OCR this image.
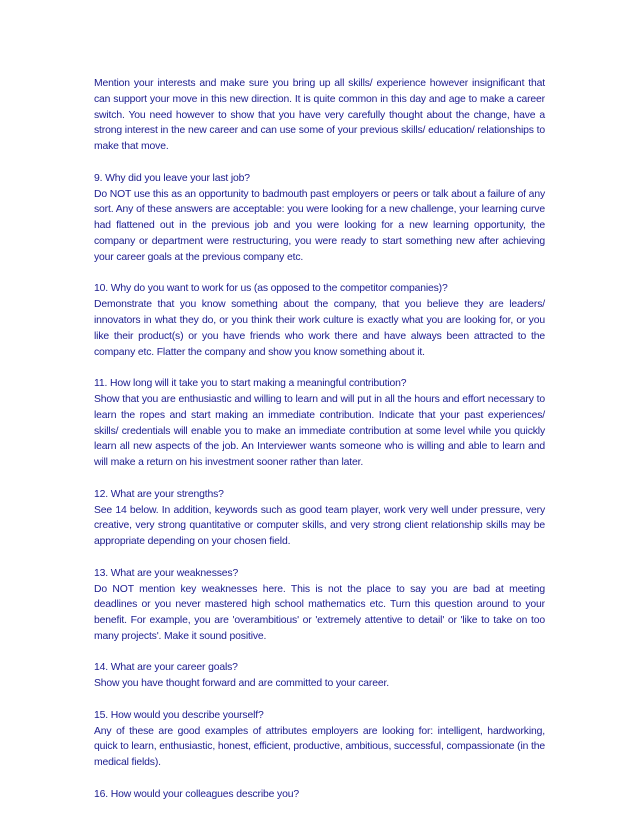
Mention your interests and make sure you bring up all skills/ experience however insignificant that can support your move in this new direction. It is quite common in this day and age to make a career switch. You need however to show that you have very carefully thought about the change, have a strong interest in the new career and can use some of your previous skills/ education/ relationships to make that move.

9. Why did you leave your last job?
Do NOT use this as an opportunity to badmouth past employers or peers or talk about a failure of any sort. Any of these answers are acceptable: you were looking for a new challenge, your learning curve had flattened out in the previous job and you were looking for a new learning opportunity, the company or department were restructuring, you were ready to start something new after achieving your career goals at the previous company etc.

10. Why do you want to work for us (as opposed to the competitor companies)?
Demonstrate that you know something about the company, that you believe they are leaders/ innovators in what they do, or you think their work culture is exactly what you are looking for, or you like their product(s) or you have friends who work there and have always been attracted to the company etc. Flatter the company and show you know something about it.

11. How long will it take you to start making a meaningful contribution?
Show that you are enthusiastic and willing to learn and will put in all the hours and effort necessary to learn the ropes and start making an immediate contribution. Indicate that your past experiences/ skills/ credentials will enable you to make an immediate contribution at some level while you quickly learn all new aspects of the job. An Interviewer wants someone who is willing and able to learn and will make a return on his investment sooner rather than later.

12. What are your strengths?
See 14 below. In addition, keywords such as good team player, work very well under pressure, very creative, very strong quantitative or computer skills, and very strong client relationship skills may be appropriate depending on your chosen field.

13. What are your weaknesses?
Do NOT mention key weaknesses here. This is not the place to say you are bad at meeting deadlines or you never mastered high school mathematics etc. Turn this question around to your benefit. For example, you are 'overambitious' or 'extremely attentive to detail' or 'like to take on too many projects'. Make it sound positive.

14. What are your career goals?
Show you have thought forward and are committed to your career.

15. How would you describe yourself?
Any of these are good examples of attributes employers are looking for: intelligent, hardworking, quick to learn, enthusiastic, honest, efficient, productive, ambitious, successful, compassionate (in the medical fields).

16. How would your colleagues describe you?
